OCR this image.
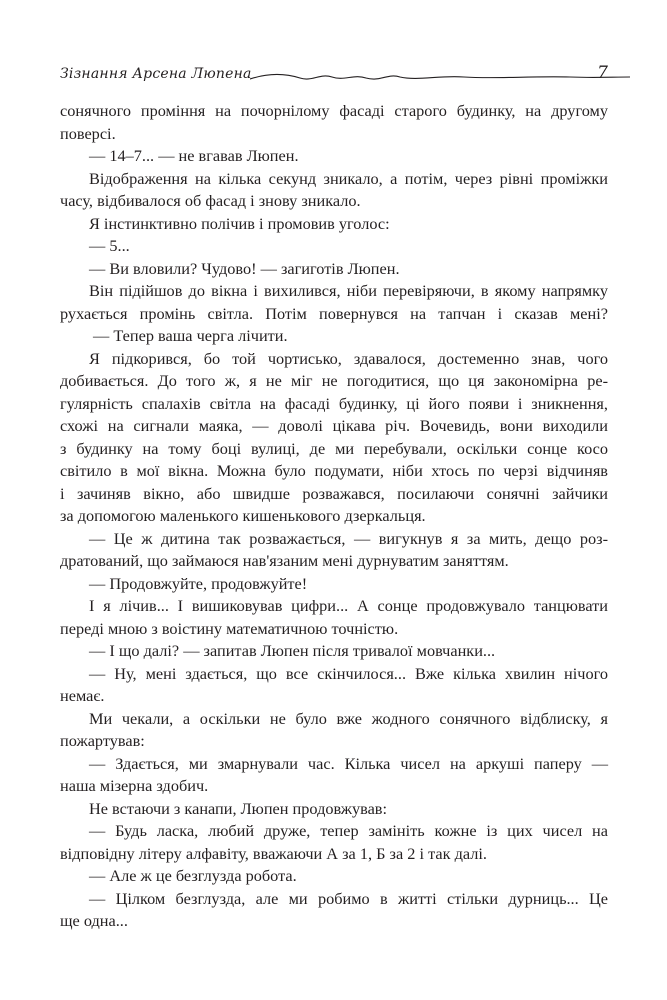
Зізнання Арсена Люпена	7

сонячного проміння на почорнілому фасаді старого будинку, на другому

поверсі.

— 14–7... — не вгавав Люпен.

Відображення на кілька секунд зникало, а потім, через рівні проміжки

часу, відбивалося об фасад і знову зникало.

Я інстинктивно полічив і промовив уголос:

— 5...

— Ви вловили? Чудово! — загиготів Люпен.

Він підійшов до вікна і вихилився, ніби перевіряючи, в якому напрямку

рухається промінь світла. Потім повернувся на тапчан і сказав мені?

— Тепер ваша черга лічити.

Я підкорився, бо той чортисько, здавалося, достеменно знав, чого

добивається. До того ж, я не міг не погодитися, що ця закономірна ре-

гулярність спалахів світла на фасаді будинку, ці його появи і зникнення,

схожі на сигнали маяка, — доволі цікава річ. Вочевидь, вони виходили

з будинку на тому боці вулиці, де ми перебували, оскільки сонце косо

світило в мої вікна. Можна було подумати, ніби хтось по черзі відчиняв

і зачиняв вікно, або швидше розважався, посилаючи сонячні зайчики

за допомогою маленького кишенькового дзеркальця.

— Це ж дитина так розважається, — вигукнув я за мить, дещо роз-

дратований, що займаюся нав'язаним мені дурнуватим заняттям.

— Продовжуйте, продовжуйте!

І я лічив... І вишиковував цифри... А сонце продовжувало танцювати

переді мною з воістину математичною точністю.

— І що далі? — запитав Люпен після тривалої мовчанки...

— Ну, мені здається, що все скінчилося... Вже кілька хвилин нічого

немає.

Ми чекали, а оскільки не було вже жодного сонячного відблиску, я

пожартував:

— Здається, ми змарнували час. Кілька чисел на аркуші паперу —

наша мізерна здобич.

Не встаючи з канапи, Люпен продовжував:

— Будь ласка, любий друже, тепер замініть кожне із цих чисел на

відповідну літеру алфавіту, вважаючи А за 1, Б за 2 і так далі.

— Але ж це безглузда робота.

— Цілком безглузда, але ми робимо в житті стільки дурниць... Це

ще одна...
